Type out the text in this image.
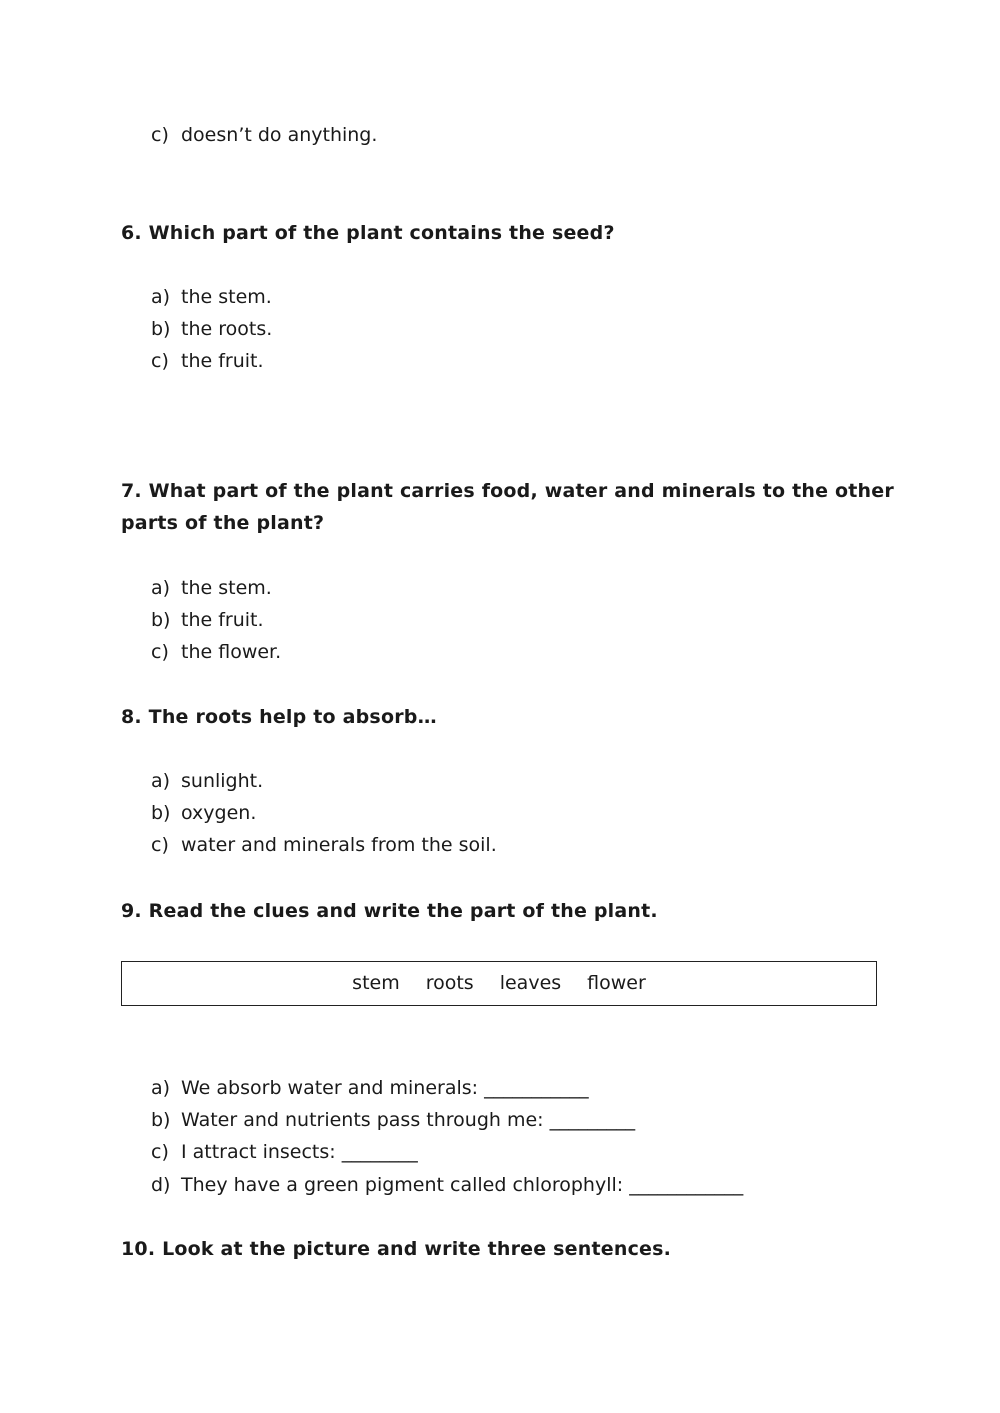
c) doesn’t do anything.
6. Which part of the plant contains the seed?
a) the stem.
b) the roots.
c) the fruit.
7. What part of the plant carries food, water and minerals to the other
parts of the plant?
a) the stem.
b) the fruit.
c) the flower.
8. The roots help to absorb…
a) sunlight.
b) oxygen.
c) water and minerals from the soil.
9. Read the clues and write the part of the plant.
stem roots leaves flower
a) We absorb water and minerals: ___________
b) Water and nutrients pass through me: _________
c) I attract insects: ________
d) They have a green pigment called chlorophyll: ____________
10. Look at the picture and write three sentences.
